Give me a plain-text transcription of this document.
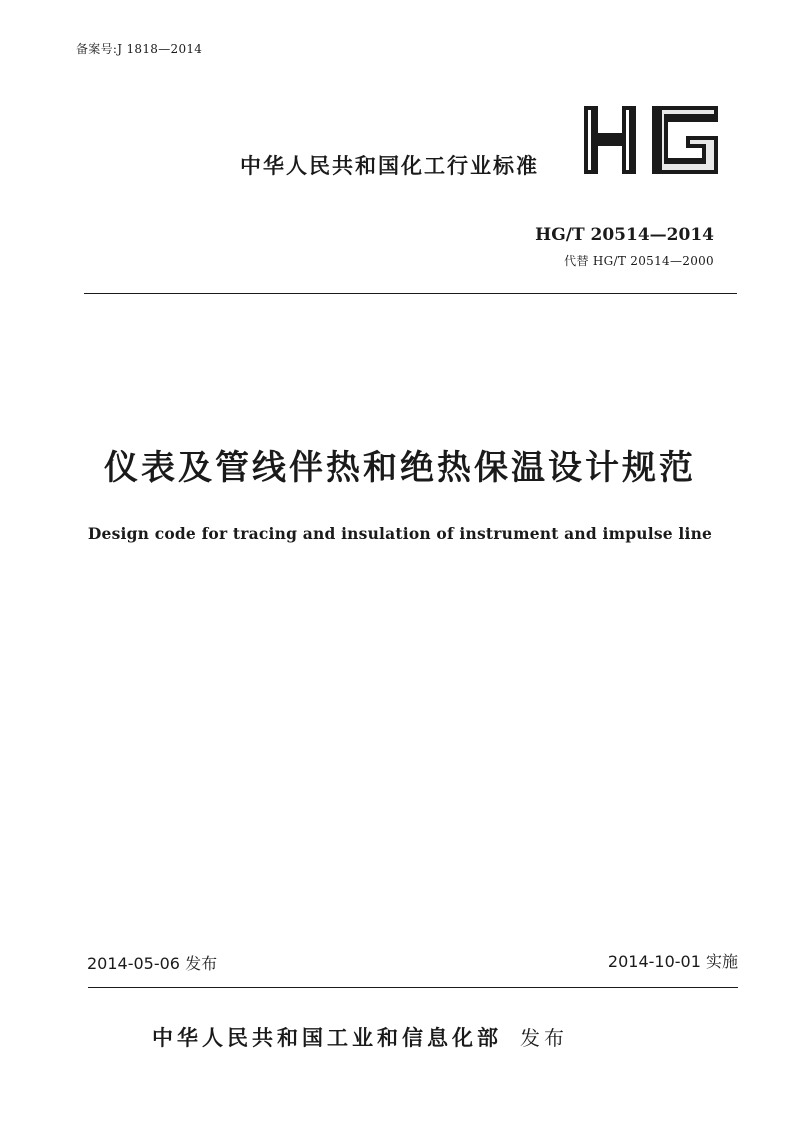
备案号:J 1818—2014
中华人民共和国化工行业标准
HG/T 20514—2014
代替 HG/T 20514—2000
仪表及管线伴热和绝热保温设计规范
Design code for tracing and insulation of instrument and impulse line
2014-05-06 发布	2014-10-01 实施
中华人民共和国工业和信息化部 发布
